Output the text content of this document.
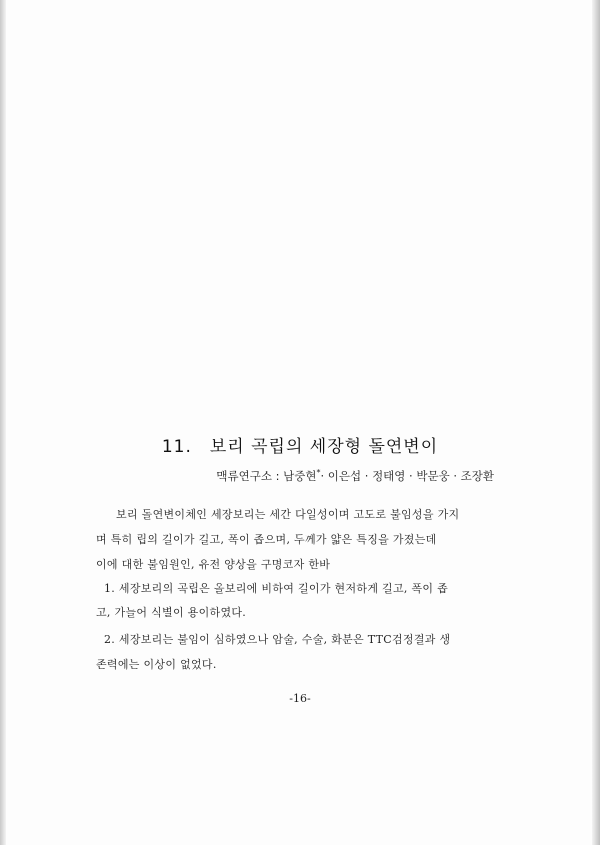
11. 보리 곡립의 세장형 돌연변이
맥류연구소 : 남중현*· 이은섭 · 정태영 · 박문웅 · 조장환
보리 돌연변이체인 세장보리는 세간 다일성이며 고도로 불임성을 가지
며 특히 립의 길이가 길고, 폭이 좁으며, 두께가 얇은 특징을 가졌는데
이에 대한 불임원인, 유전 양상을 구명코자 한바
1. 세장보리의 곡립은 올보리에 비하여 길이가 현저하게 길고, 폭이 좁
고, 가늘어 식별이 용이하였다.
2. 세장보리는 불임이 심하였으나 암술, 수술, 화분은 TTC검정결과 생
존력에는 이상이 없었다.
-16-
